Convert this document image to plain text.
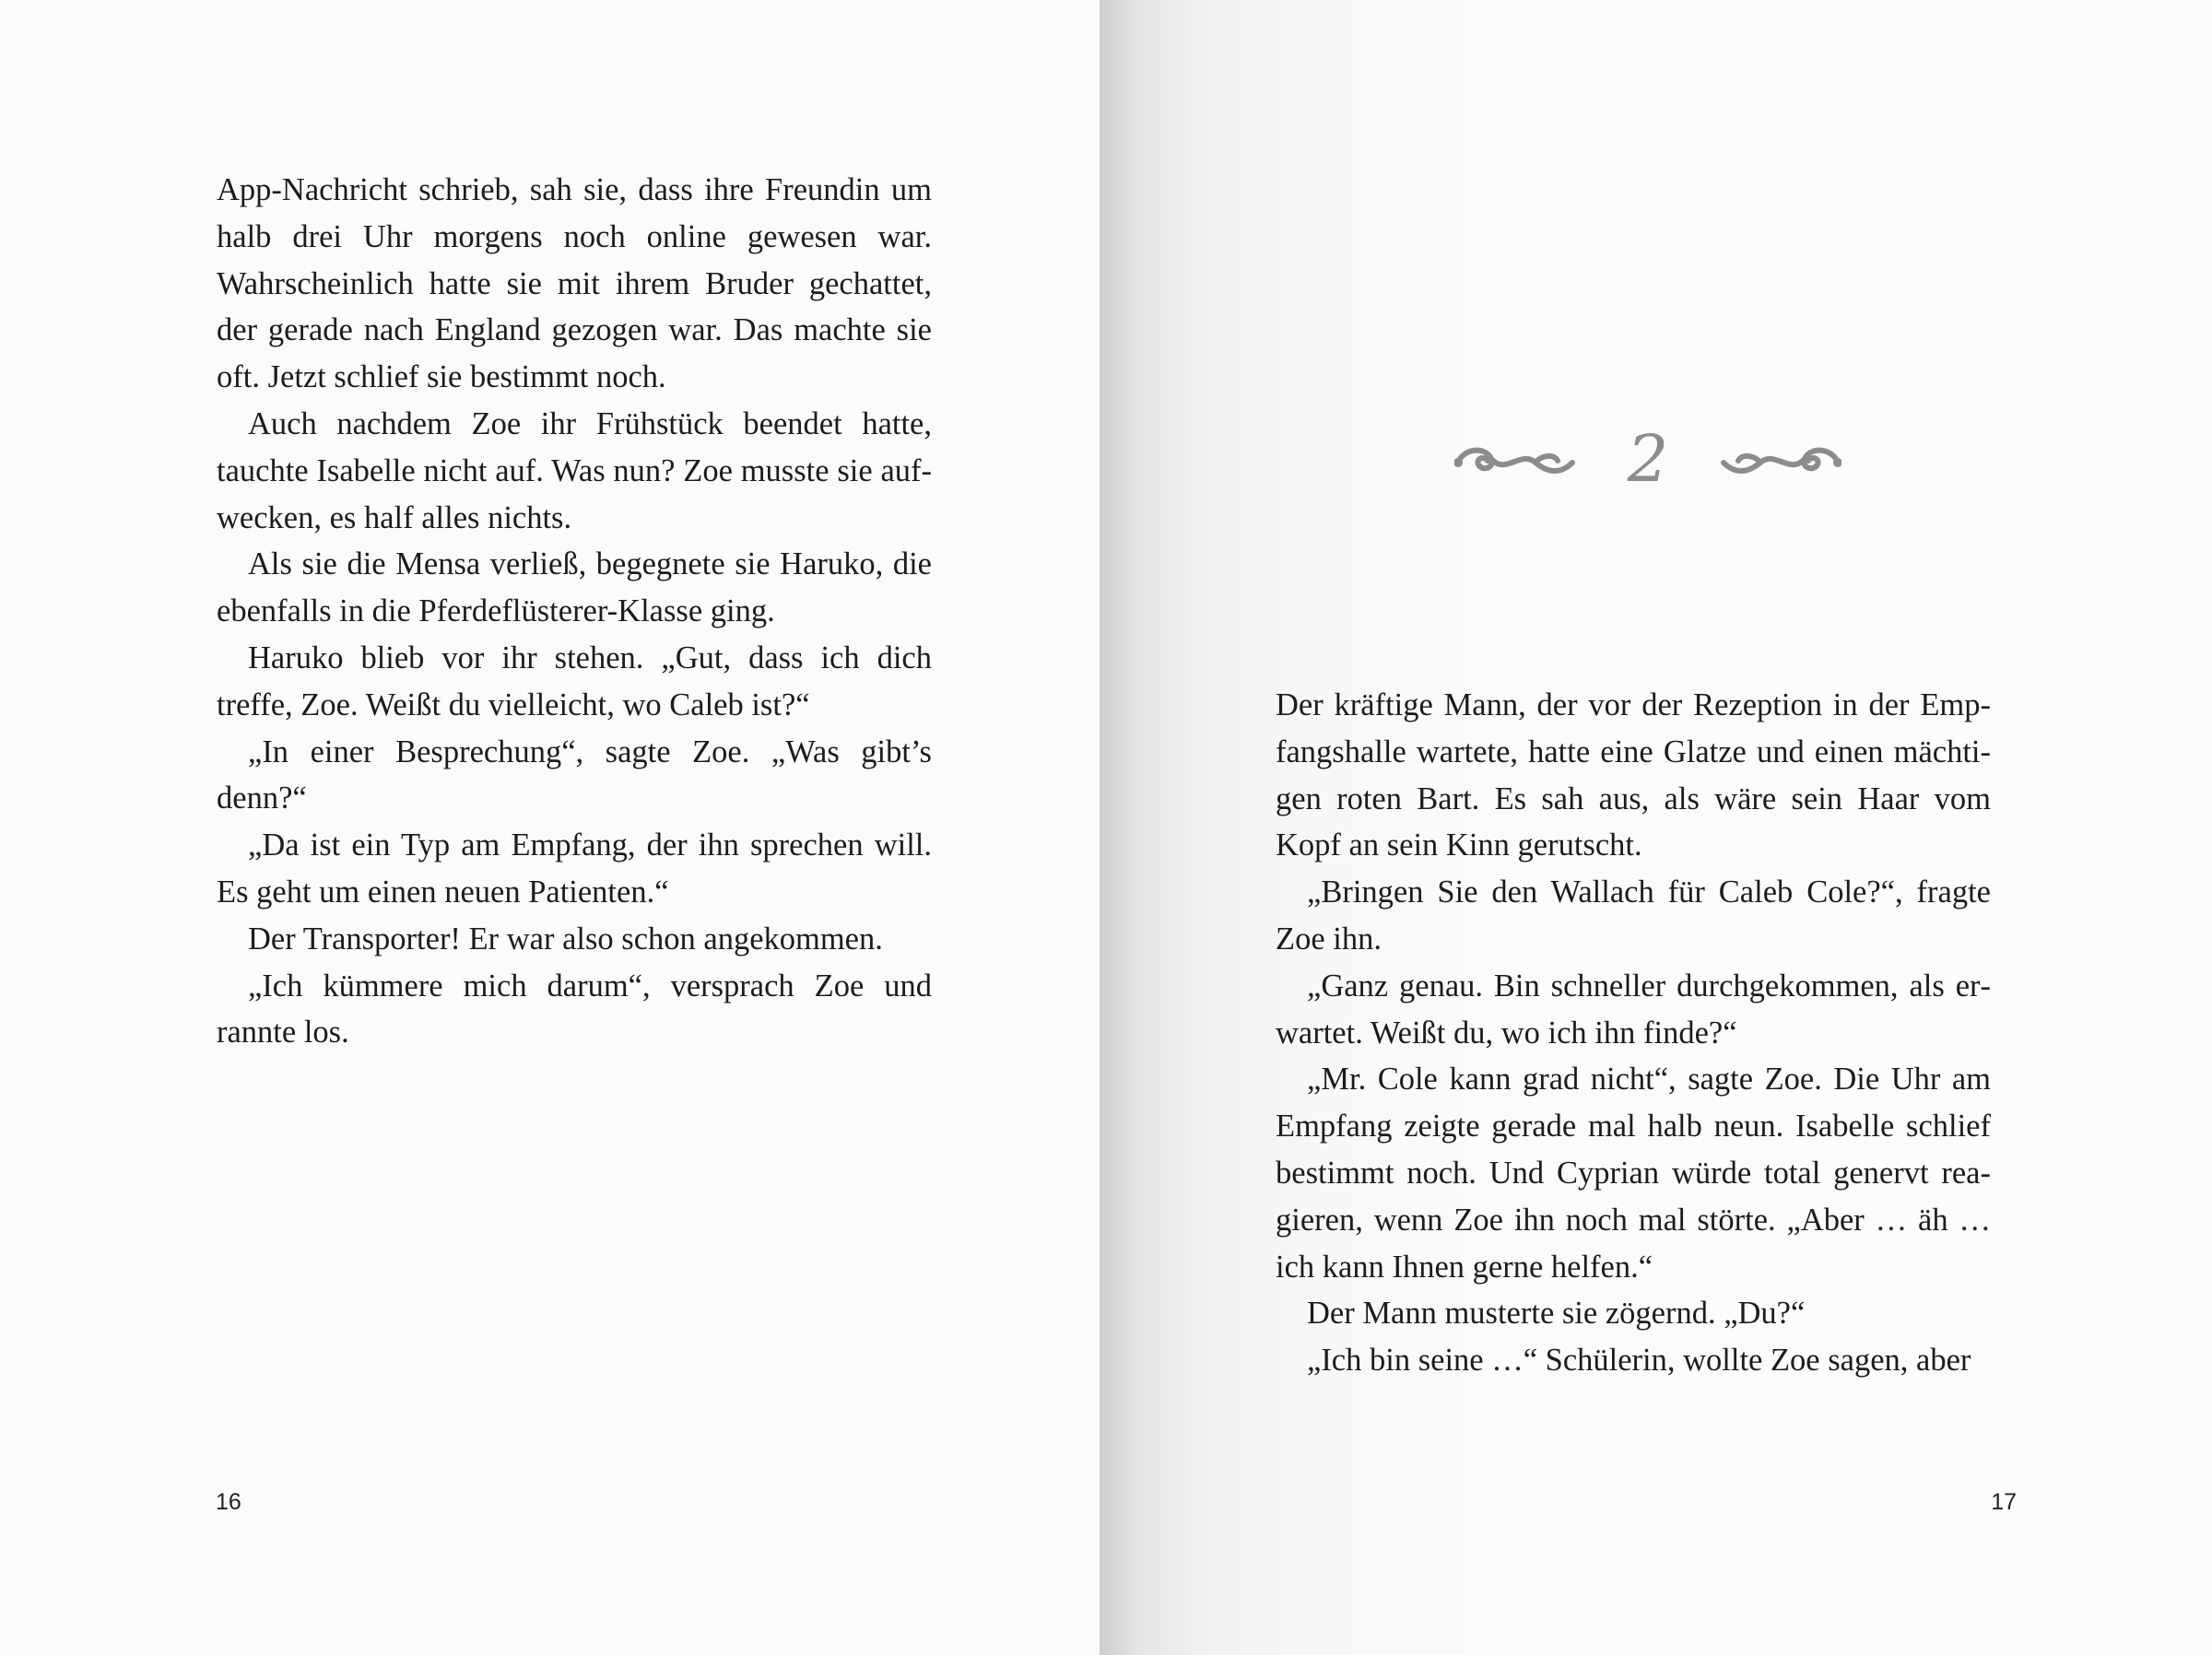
App-Nachricht schrieb, sah sie, dass ihre Freundin um halb drei Uhr morgens noch online gewesen war. Wahrscheinlich hatte sie mit ihrem Bruder gechattet, der gerade nach England gezogen war. Das machte sie oft. Jetzt schlief sie bestimmt noch.

Auch nachdem Zoe ihr Frühstück beendet hatte, tauchte Isabelle nicht auf. Was nun? Zoe musste sie aufwecken, es half alles nichts.

Als sie die Mensa verließ, begegnete sie Haruko, die ebenfalls in die Pferdeflüsterer-Klasse ging.

Haruko blieb vor ihr stehen. „Gut, dass ich dich treffe, Zoe. Weißt du vielleicht, wo Caleb ist?“

„In einer Besprechung“, sagte Zoe. „Was gibt’s denn?“

„Da ist ein Typ am Empfang, der ihn sprechen will. Es geht um einen neuen Patienten.“

Der Transporter! Er war also schon angekommen.

„Ich kümmere mich darum“, versprach Zoe und rannte los.

16
2

Der kräftige Mann, der vor der Rezeption in der Empfangshalle wartete, hatte eine Glatze und einen mächtigen roten Bart. Es sah aus, als wäre sein Haar vom Kopf an sein Kinn gerutscht.

„Bringen Sie den Wallach für Caleb Cole?“, fragte Zoe ihn.

„Ganz genau. Bin schneller durchgekommen, als erwartet. Weißt du, wo ich ihn finde?“

„Mr. Cole kann grad nicht“, sagte Zoe. Die Uhr am Empfang zeigte gerade mal halb neun. Isabelle schlief bestimmt noch. Und Cyprian würde total genervt reagieren, wenn Zoe ihn noch mal störte. „Aber … äh … ich kann Ihnen gerne helfen.“

Der Mann musterte sie zögernd. „Du?“

„Ich bin seine …“ Schülerin, wollte Zoe sagen, aber

17
